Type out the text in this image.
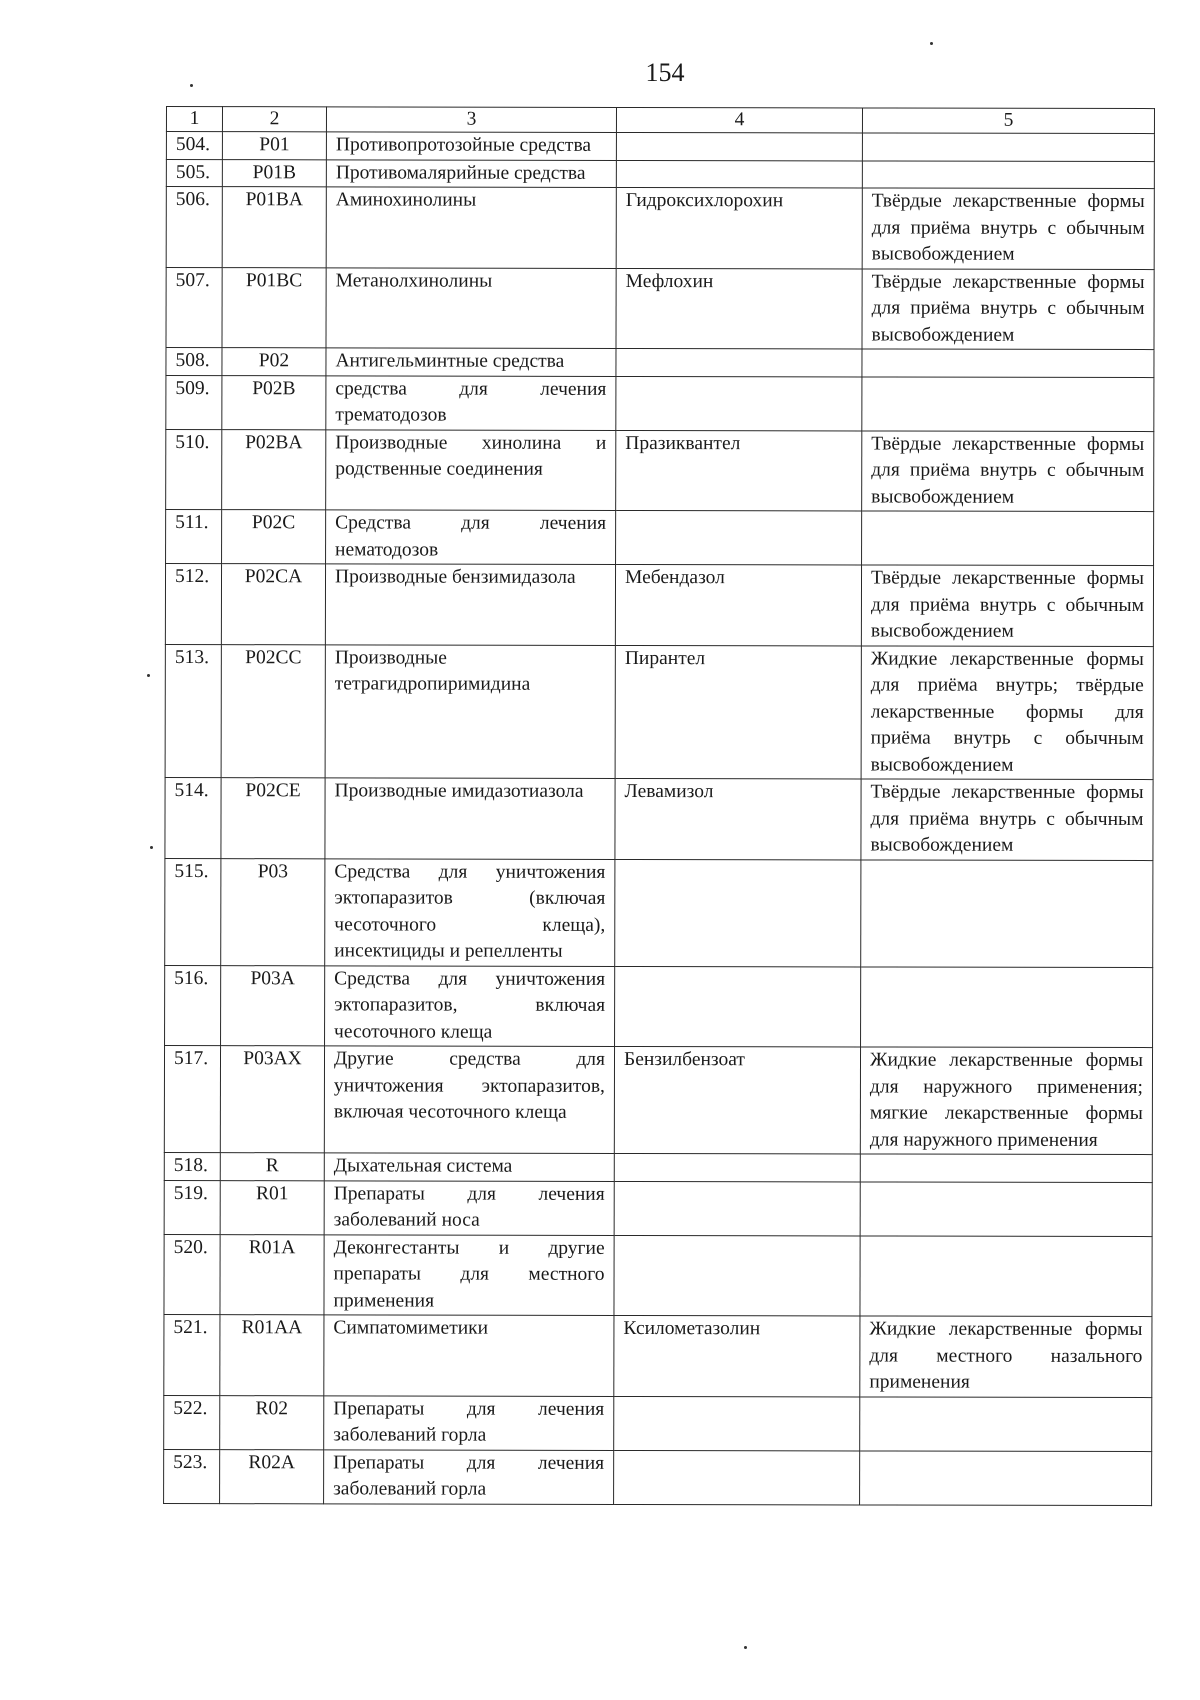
154
1	2	3	4	5
504.	P01	Противопротозойные средства		
505.	P01B	Противомалярийные средства		
506.	P01BA	Аминохинолины	Гидроксихлорохин	Твёрдые лекарственные формы для приёма внутрь с обычным высвобождением
507.	P01BC	Метанолхинолины	Мефлохин	Твёрдые лекарственные формы для приёма внутрь с обычным высвобождением
508.	P02	Антигельминтные средства		
509.	P02B	средства для лечения трематодозов		
510.	P02BA	Производные хинолина и родственные соединения	Празиквантел	Твёрдые лекарственные формы для приёма внутрь с обычным высвобождением
511.	P02C	Средства для лечения нематодозов		
512.	P02CA	Производные бензимидазола	Мебендазол	Твёрдые лекарственные формы для приёма внутрь с обычным высвобождением
513.	P02CC	Производные тетрагидропиримидина	Пирантел	Жидкие лекарственные формы для приёма внутрь; твёрдые лекарственные формы для приёма внутрь с обычным высвобождением
514.	P02CE	Производные имидазотиазола	Левамизол	Твёрдые лекарственные формы для приёма внутрь с обычным высвобождением
515.	P03	Средства для уничтожения эктопаразитов (включая чесоточного клеща), инсектициды и репелленты		
516.	P03A	Средства для уничтожения эктопаразитов, включая чесоточного клеща		
517.	P03AX	Другие средства для уничтожения эктопаразитов, включая чесоточного клеща	Бензилбензоат	Жидкие лекарственные формы для наружного применения; мягкие лекарственные формы для наружного применения
518.	R	Дыхательная система		
519.	R01	Препараты для лечения заболеваний носа		
520.	R01A	Деконгестанты и другие препараты для местного применения		
521.	R01AA	Симпатомиметики	Ксилометазолин	Жидкие лекарственные формы для местного назального применения
522.	R02	Препараты для лечения заболеваний горла		
523.	R02A	Препараты для лечения заболеваний горла		
